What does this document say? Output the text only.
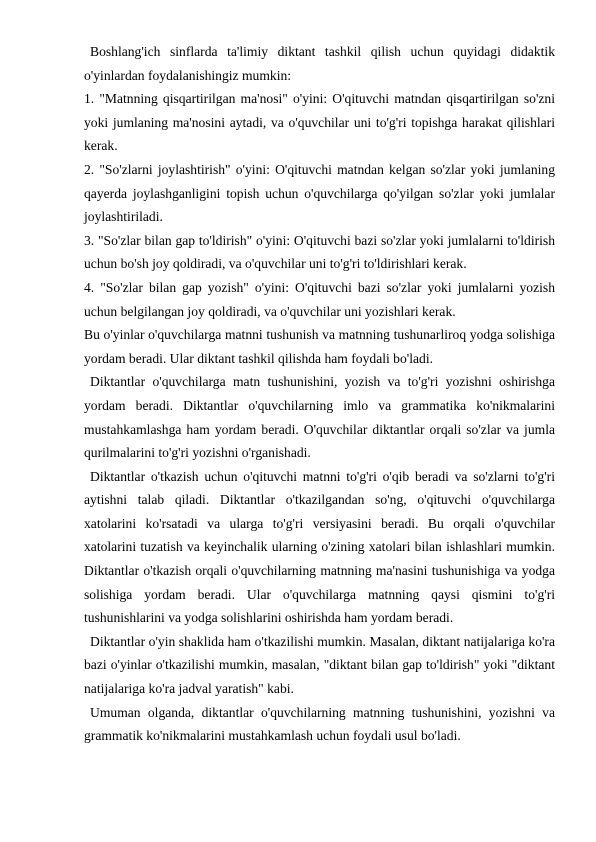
Boshlang'ich sinflarda ta'limiy diktant tashkil qilish uchun quyidagi didaktik o'yinlardan foydalanishingiz mumkin:

1. "Matnning qisqartirilgan ma'nosi" o'yini: O'qituvchi matndan qisqartirilgan so'zni yoki jumlaning ma'nosini aytadi, va o'quvchilar uni to'g'ri topishga harakat qilishlari kerak.

2. "So'zlarni joylashtirish" o'yini: O'qituvchi matndan kelgan so'zlar yoki jumlaning qayerda joylashganligini topish uchun o'quvchilarga qo'yilgan so'zlar yoki jumlalar joylashtiriladi.

3. "So'zlar bilan gap to'ldirish" o'yini: O'qituvchi bazi so'zlar yoki jumlalarni to'ldirish uchun bo'sh joy qoldiradi, va o'quvchilar uni to'g'ri to'ldirishlari kerak.

4. "So'zlar bilan gap yozish" o'yini: O'qituvchi bazi so'zlar yoki jumlalarni yozish uchun belgilangan joy qoldiradi, va o'quvchilar uni yozishlari kerak.

Bu o'yinlar o'quvchilarga matnni tushunish va matnning tushunarliroq yodga solishiga yordam beradi. Ular diktant tashkil qilishda ham foydali bo'ladi.

Diktantlar o'quvchilarga matn tushunishini, yozish va to'g'ri yozishni oshirishga yordam beradi. Diktantlar o'quvchilarning imlo va grammatika ko'nikmalarini mustahkamlashga ham yordam beradi. O'quvchilar diktantlar orqali so'zlar va jumla qurilmalarini to'g'ri yozishni o'rganishadi.

Diktantlar o'tkazish uchun o'qituvchi matnni to'g'ri o'qib beradi va so'zlarni to'g'ri aytishni talab qiladi. Diktantlar o'tkazilgandan so'ng, o'qituvchi o'quvchilarga xatolarini ko'rsatadi va ularga to'g'ri versiyasini beradi. Bu orqali o'quvchilar xatolarini tuzatish va keyinchalik ularning o'zining xatolari bilan ishlashlari mumkin. Diktantlar o'tkazish orqali o'quvchilarning matnning ma'nasini tushunishiga va yodga solishiga yordam beradi. Ular o'quvchilarga matnning qaysi qismini to'g'ri tushunishlarini va yodga solishlarini oshirishda ham yordam beradi.

Diktantlar o'yin shaklida ham o'tkazilishi mumkin. Masalan, diktant natijalariga ko'ra bazi o'yinlar o'tkazilishi mumkin, masalan, "diktant bilan gap to'ldirish" yoki "diktant natijalariga ko'ra jadval yaratish" kabi.

Umuman olganda, diktantlar o'quvchilarning matnning tushunishini, yozishni va grammatik ko'nikmalarini mustahkamlash uchun foydali usul bo'ladi.
